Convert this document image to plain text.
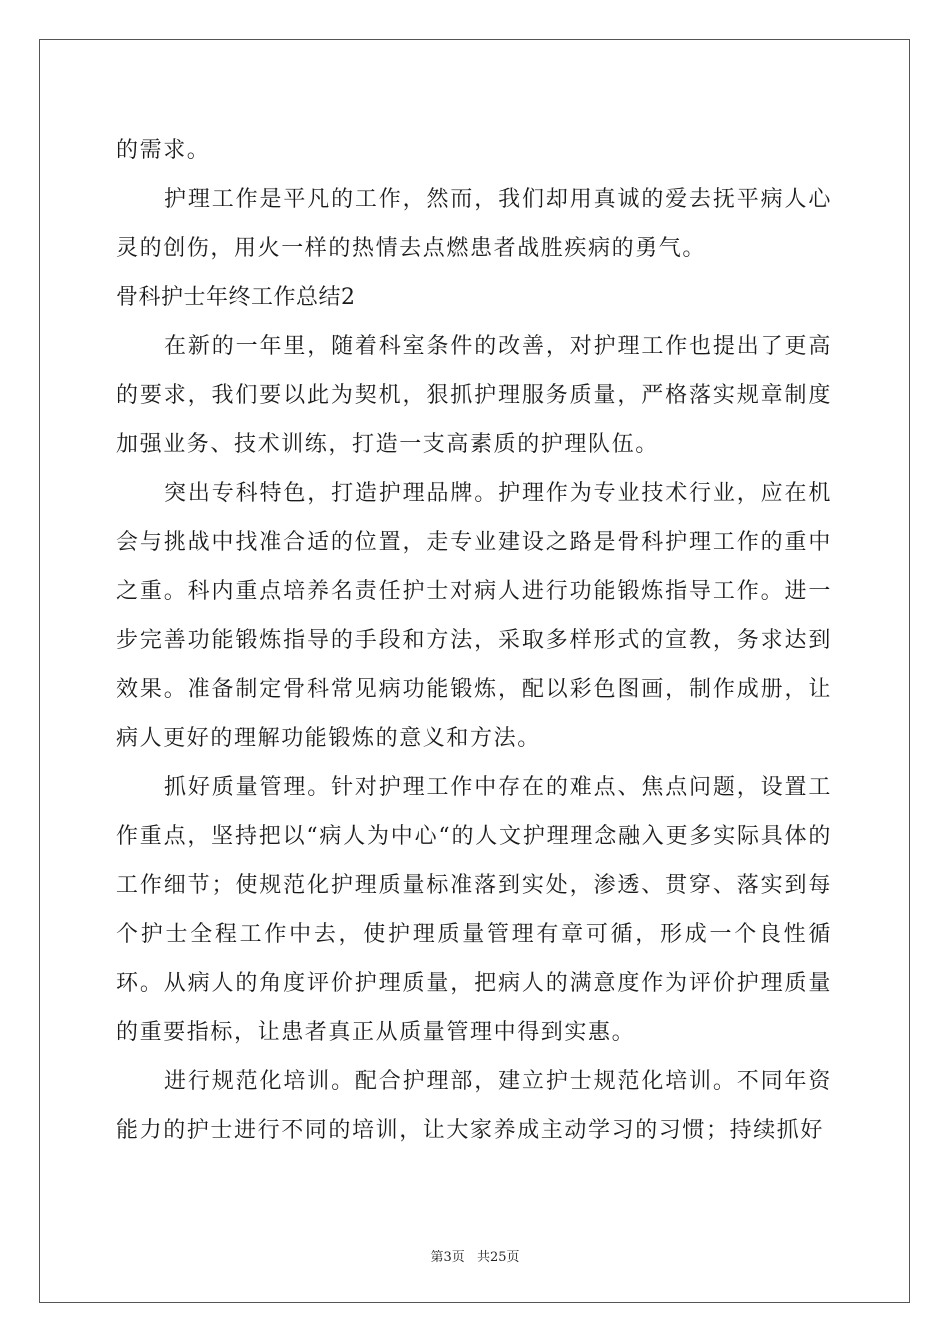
的需求。

护理工作是平凡的工作，然而，我们却用真诚的爱去抚平病人心灵的创伤，用火一样的热情去点燃患者战胜疾病的勇气。

骨科护士年终工作总结2

在新的一年里，随着科室条件的改善，对护理工作也提出了更高的要求，我们要以此为契机，狠抓护理服务质量，严格落实规章制度加强业务、技术训练，打造一支高素质的护理队伍。

突出专科特色，打造护理品牌。护理作为专业技术行业，应在机会与挑战中找准合适的位置，走专业建设之路是骨科护理工作的重中之重。科内重点培养名责任护士对病人进行功能锻炼指导工作。进一步完善功能锻炼指导的手段和方法，采取多样形式的宣教，务求达到效果。准备制定骨科常见病功能锻炼，配以彩色图画，制作成册，让病人更好的理解功能锻炼的意义和方法。

抓好质量管理。针对护理工作中存在的难点、焦点问题，设置工作重点，坚持把以“病人为中心“的人文护理理念融入更多实际具体的工作细节；使规范化护理质量标准落到实处，渗透、贯穿、落实到每个护士全程工作中去，使护理质量管理有章可循，形成一个良性循环。从病人的角度评价护理质量，把病人的满意度作为评价护理质量的重要指标，让患者真正从质量管理中得到实惠。

进行规范化培训。配合护理部，建立护士规范化培训。不同年资能力的护士进行不同的培训，让大家养成主动学习的习惯；持续抓好

第3页 共25页
